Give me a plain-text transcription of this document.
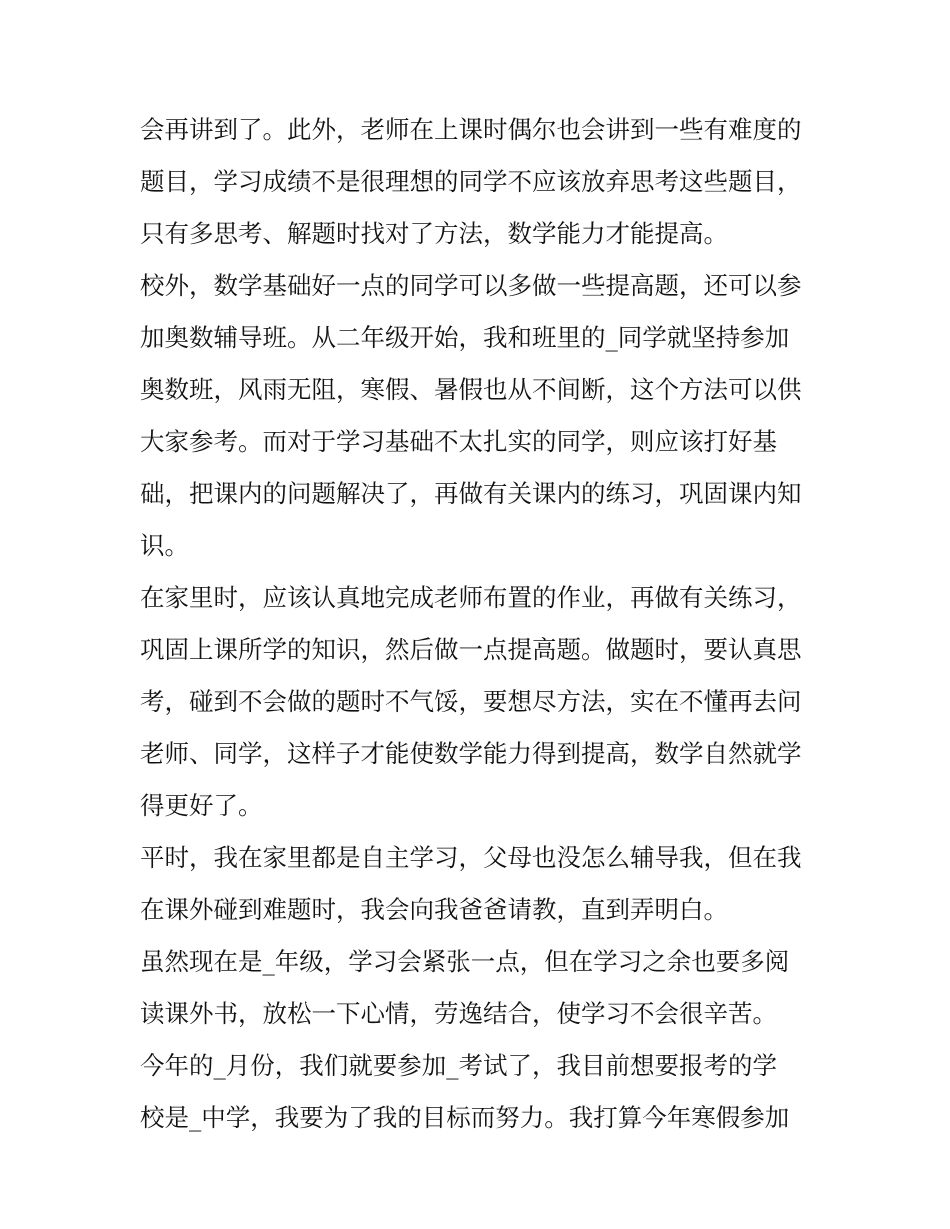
会再讲到了。此外，老师在上课时偶尔也会讲到一些有难度的
题目，学习成绩不是很理想的同学不应该放弃思考这些题目，
只有多思考、解题时找对了方法，数学能力才能提高。
校外，数学基础好一点的同学可以多做一些提高题，还可以参
加奥数辅导班。从二年级开始，我和班里的_同学就坚持参加
奥数班，风雨无阻，寒假、暑假也从不间断，这个方法可以供
大家参考。而对于学习基础不太扎实的同学，则应该打好基
础，把课内的问题解决了，再做有关课内的练习，巩固课内知
识。
在家里时，应该认真地完成老师布置的作业，再做有关练习，
巩固上课所学的知识，然后做一点提高题。做题时，要认真思
考，碰到不会做的题时不气馁，要想尽方法，实在不懂再去问
老师、同学，这样子才能使数学能力得到提高，数学自然就学
得更好了。
平时，我在家里都是自主学习，父母也没怎么辅导我，但在我
在课外碰到难题时，我会向我爸爸请教，直到弄明白。
虽然现在是_年级，学习会紧张一点，但在学习之余也要多阅
读课外书，放松一下心情，劳逸结合，使学习不会很辛苦。
今年的_月份，我们就要参加_考试了，我目前想要报考的学
校是_中学，我要为了我的目标而努力。我打算今年寒假参加
